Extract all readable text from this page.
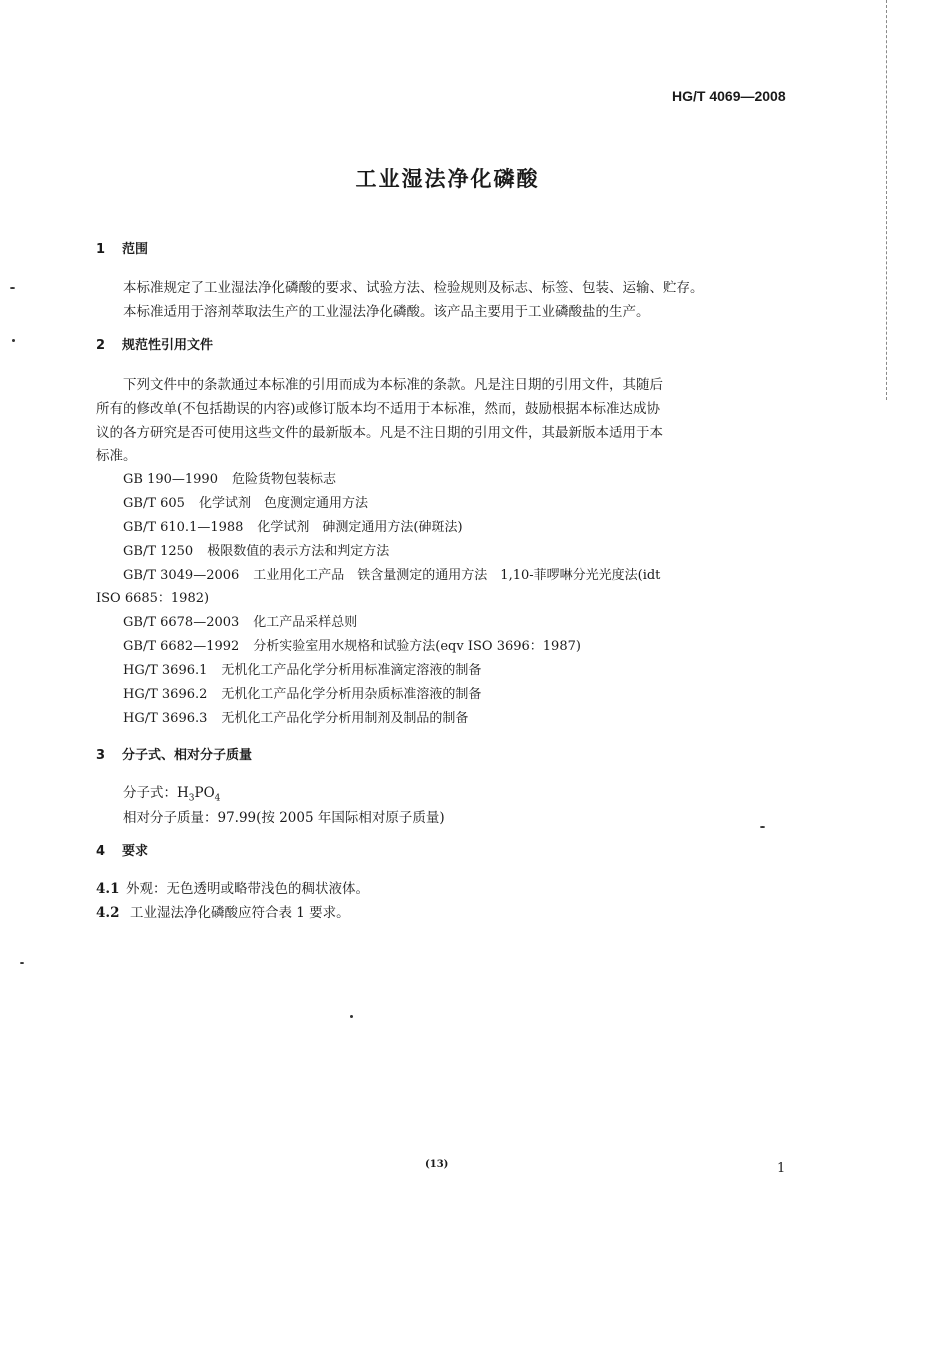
HG/T 4069—2008
工业湿法净化磷酸
1 范围
本标准规定了工业湿法净化磷酸的要求、试验方法、检验规则及标志、标签、包装、运输、贮存。
本标准适用于溶剂萃取法生产的工业湿法净化磷酸。该产品主要用于工业磷酸盐的生产。
2 规范性引用文件
下列文件中的条款通过本标准的引用而成为本标准的条款。凡是注日期的引用文件，其随后
所有的修改单(不包括勘误的内容)或修订版本均不适用于本标准，然而，鼓励根据本标准达成协
议的各方研究是否可使用这些文件的最新版本。凡是不注日期的引用文件，其最新版本适用于本
标准。
GB 190—1990 危险货物包装标志
GB/T 605 化学试剂　色度测定通用方法
GB/T 610.1—1988 化学试剂　砷测定通用方法(砷斑法)
GB/T 1250 极限数值的表示方法和判定方法
GB/T 3049—2006 工业用化工产品　铁含量测定的通用方法　1,10-菲啰啉分光光度法(idt
ISO 6685：1982)
GB/T 6678—2003 化工产品采样总则
GB/T 6682—1992 分析实验室用水规格和试验方法(eqv ISO 3696：1987)
HG/T 3696.1 无机化工产品化学分析用标准滴定溶液的制备
HG/T 3696.2 无机化工产品化学分析用杂质标准溶液的制备
HG/T 3696.3 无机化工产品化学分析用制剂及制品的制备
3 分子式、相对分子质量
分子式：$H_3PO_4$
相对分子质量：97.99(按 2005 年国际相对原子质量)
4 要求
4.1 外观：无色透明或略带浅色的稠状液体。
4.2 工业湿法净化磷酸应符合表 1 要求。
(13)	1
